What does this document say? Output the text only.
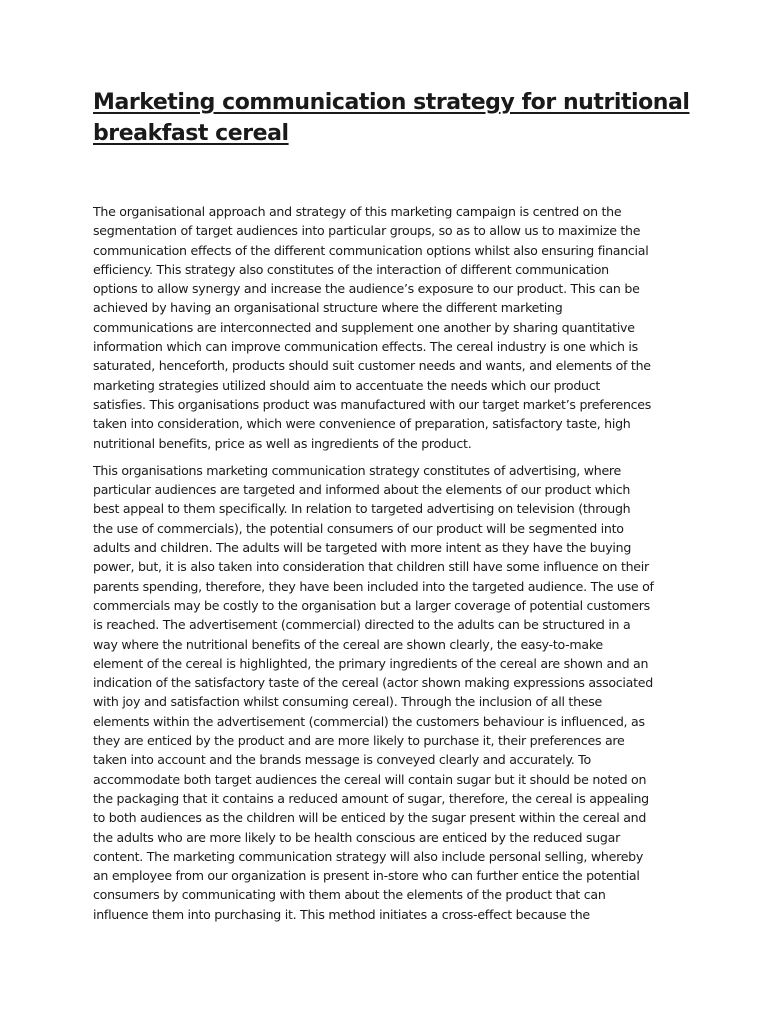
Marketing communication strategy for nutritional
breakfast cereal

The organisational approach and strategy of this marketing campaign is centred on the
segmentation of target audiences into particular groups, so as to allow us to maximize the
communication effects of the different communication options whilst also ensuring financial
efficiency. This strategy also constitutes of the interaction of different communication
options to allow synergy and increase the audience’s exposure to our product. This can be
achieved by having an organisational structure where the different marketing
communications are interconnected and supplement one another by sharing quantitative
information which can improve communication effects. The cereal industry is one which is
saturated, henceforth, products should suit customer needs and wants, and elements of the
marketing strategies utilized should aim to accentuate the needs which our product
satisfies. This organisations product was manufactured with our target market’s preferences
taken into consideration, which were convenience of preparation, satisfactory taste, high
nutritional benefits, price as well as ingredients of the product.

This organisations marketing communication strategy constitutes of advertising, where
particular audiences are targeted and informed about the elements of our product which
best appeal to them specifically. In relation to targeted advertising on television (through
the use of commercials), the potential consumers of our product will be segmented into
adults and children. The adults will be targeted with more intent as they have the buying
power, but, it is also taken into consideration that children still have some influence on their
parents spending, therefore, they have been included into the targeted audience. The use of
commercials may be costly to the organisation but a larger coverage of potential customers
is reached. The advertisement (commercial) directed to the adults can be structured in a
way where the nutritional benefits of the cereal are shown clearly, the easy-to-make
element of the cereal is highlighted, the primary ingredients of the cereal are shown and an
indication of the satisfactory taste of the cereal (actor shown making expressions associated
with joy and satisfaction whilst consuming cereal). Through the inclusion of all these
elements within the advertisement (commercial) the customers behaviour is influenced, as
they are enticed by the product and are more likely to purchase it, their preferences are
taken into account and the brands message is conveyed clearly and accurately. To
accommodate both target audiences the cereal will contain sugar but it should be noted on
the packaging that it contains a reduced amount of sugar, therefore, the cereal is appealing
to both audiences as the children will be enticed by the sugar present within the cereal and
the adults who are more likely to be health conscious are enticed by the reduced sugar
content. The marketing communication strategy will also include personal selling, whereby
an employee from our organization is present in-store who can further entice the potential
consumers by communicating with them about the elements of the product that can
influence them into purchasing it. This method initiates a cross-effect because the
